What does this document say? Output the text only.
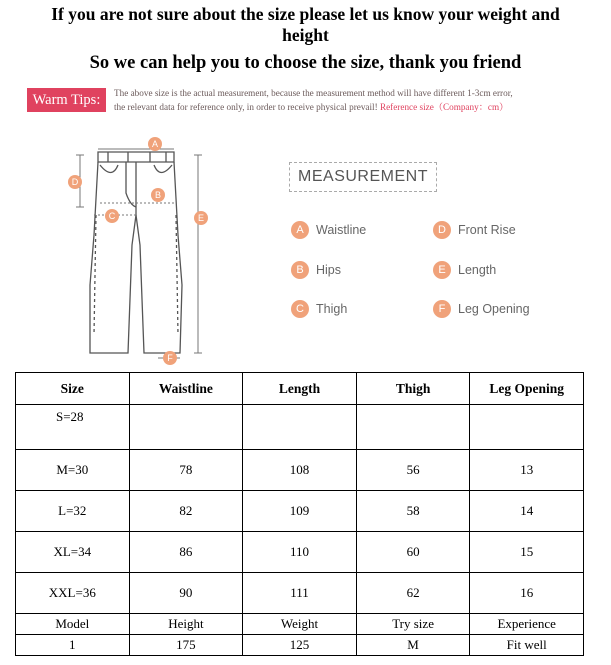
If you are not sure about the size please let us know your weight and
height
So we can help you to choose the size, thank you friend
Warm Tips:	The above size is the actual measurement, because the measurement method will have different 1-3cm error,
the relevant data for reference only, in order to receive physical prevail! Reference size（Company：cm）
A
B
C
D
E
F
MEASUREMENT
A Waistline
B Hips
C Thigh
D Front Rise
E Length
F Leg Opening
Size	Waistline	Length	Thigh	Leg Opening
S=28				
M=30	78	108	56	13
L=32	82	109	58	14
XL=34	86	110	60	15
XXL=36	90	111	62	16
Model	Height	Weight	Try size	Experience
1	175	125	M	Fit well
